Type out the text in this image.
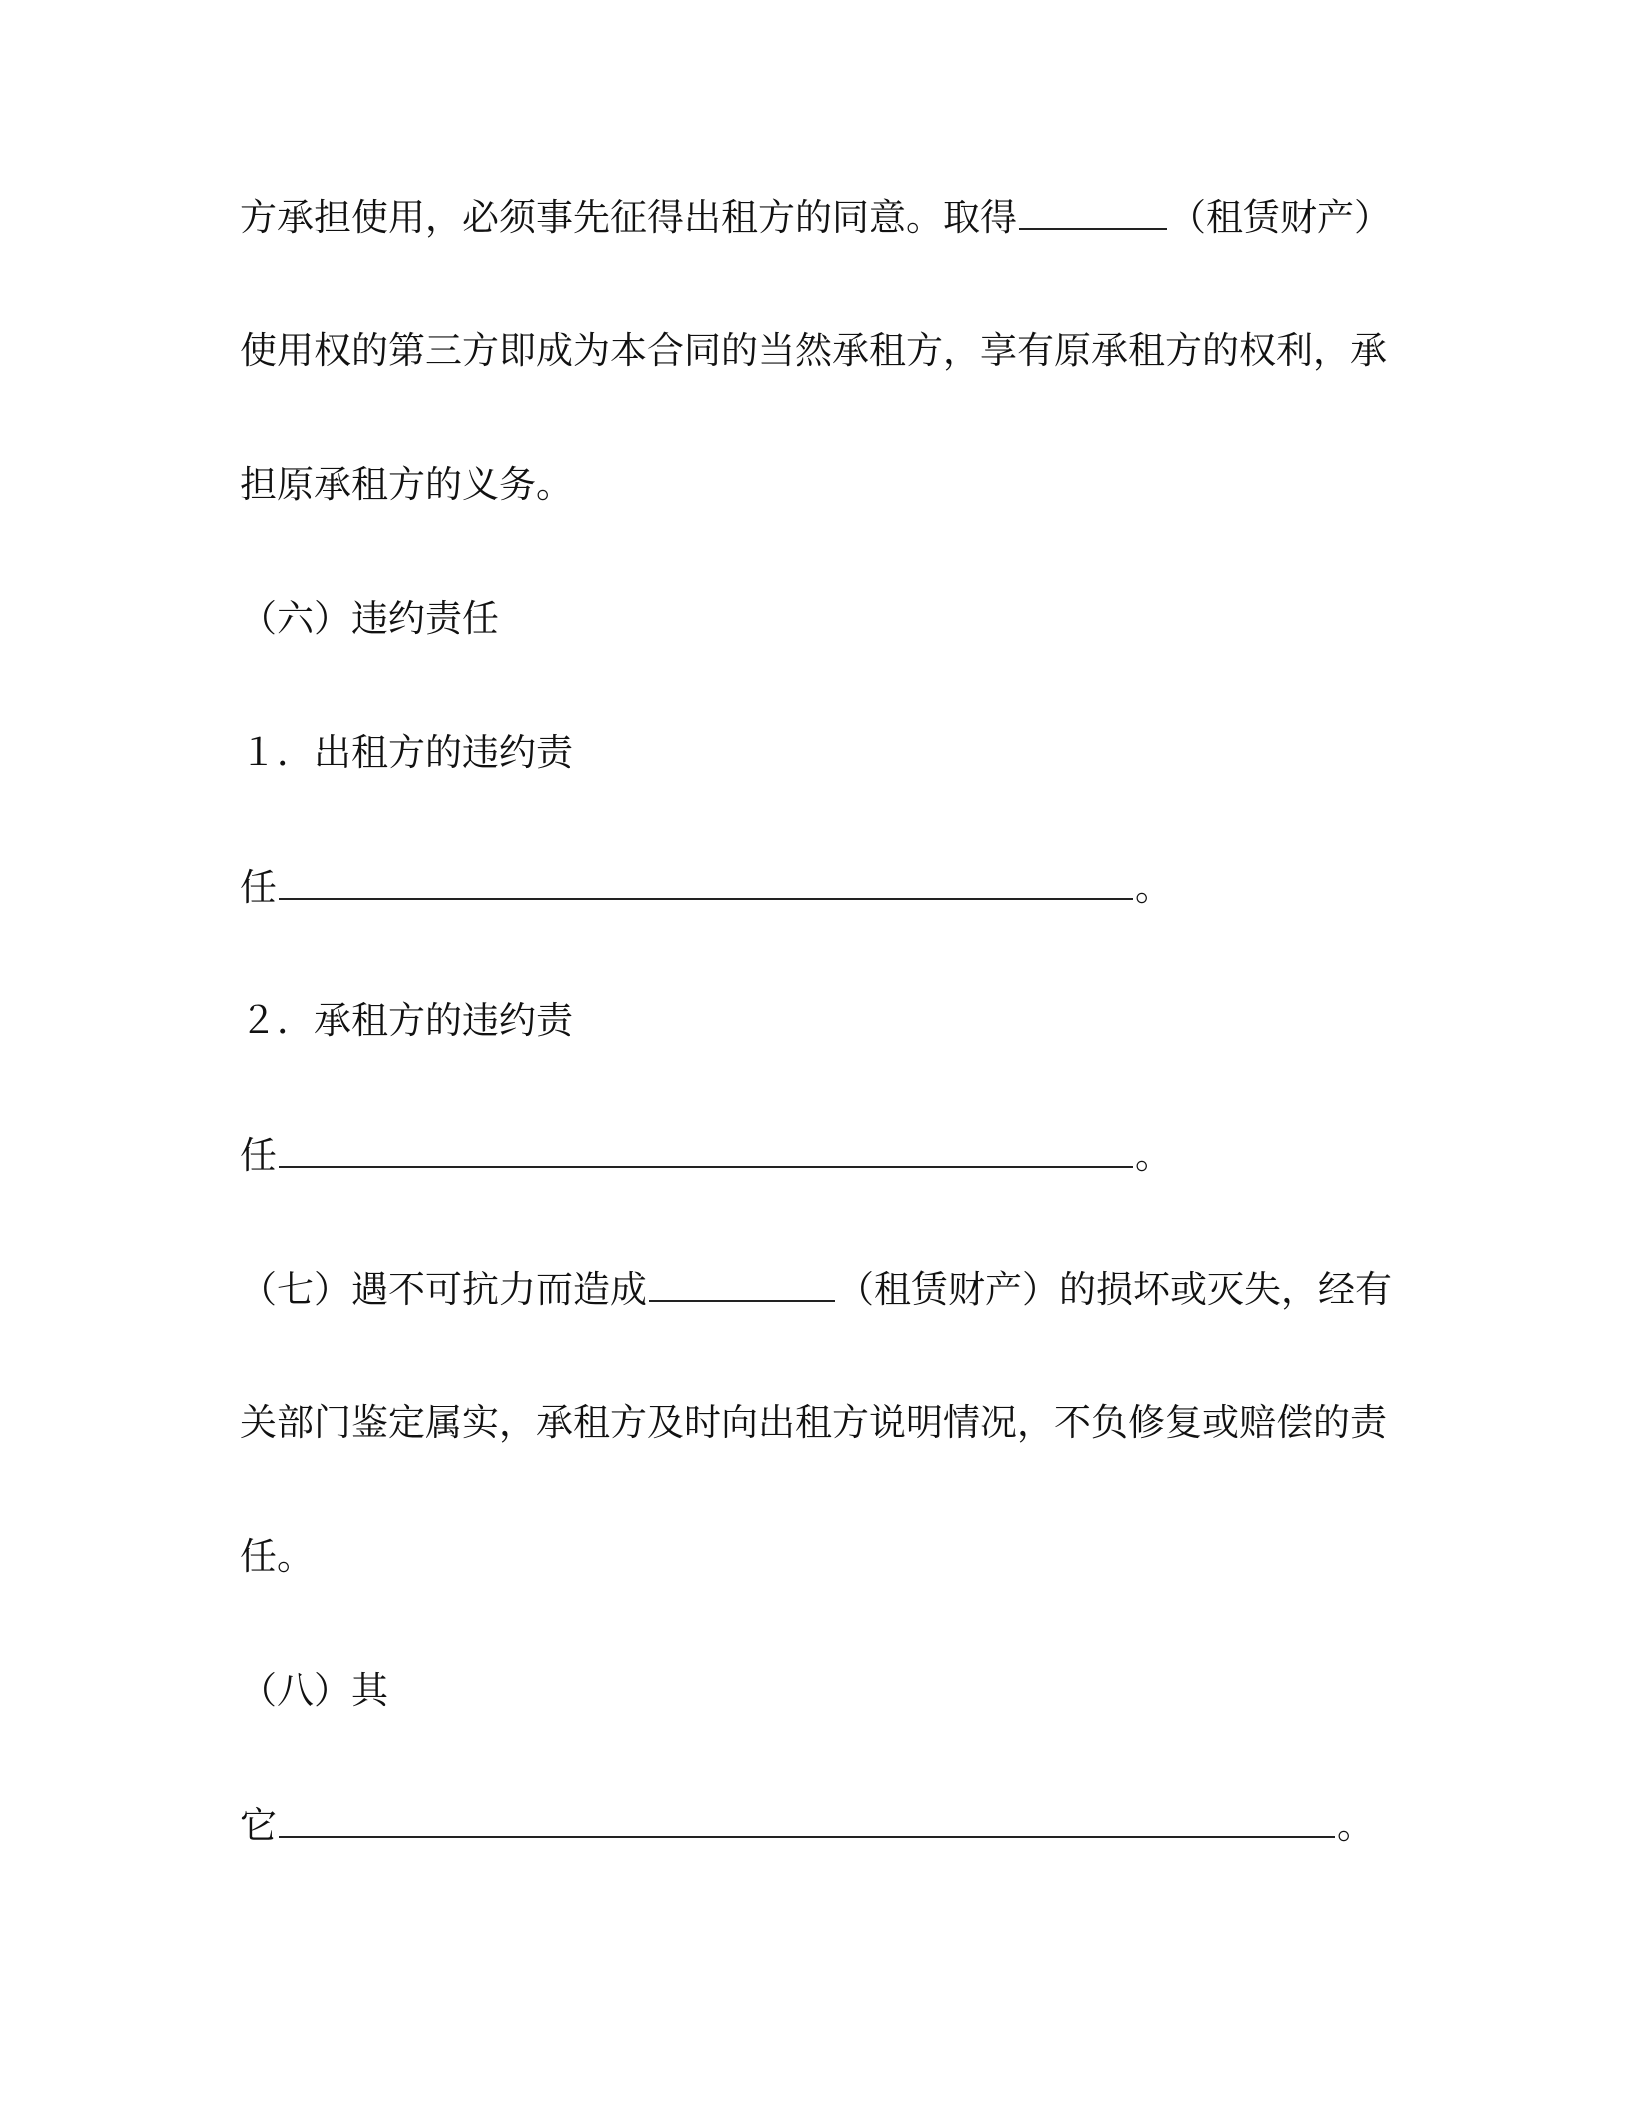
方承担使用，必须事先征得出租方的同意。取得	（租赁财产）
使用权的第三方即成为本合同的当然承租方，享有原承租方的权利，承
担原承租方的义务。
（六）违约责任
１．出租方的违约责
任	。
２．承租方的违约责
任	。
（七）遇不可抗力而造成	（租赁财产）的损坏或灭失，经有
关部门鉴定属实，承租方及时向出租方说明情况，不负修复或赔偿的责
任。
（八）其
它	。
